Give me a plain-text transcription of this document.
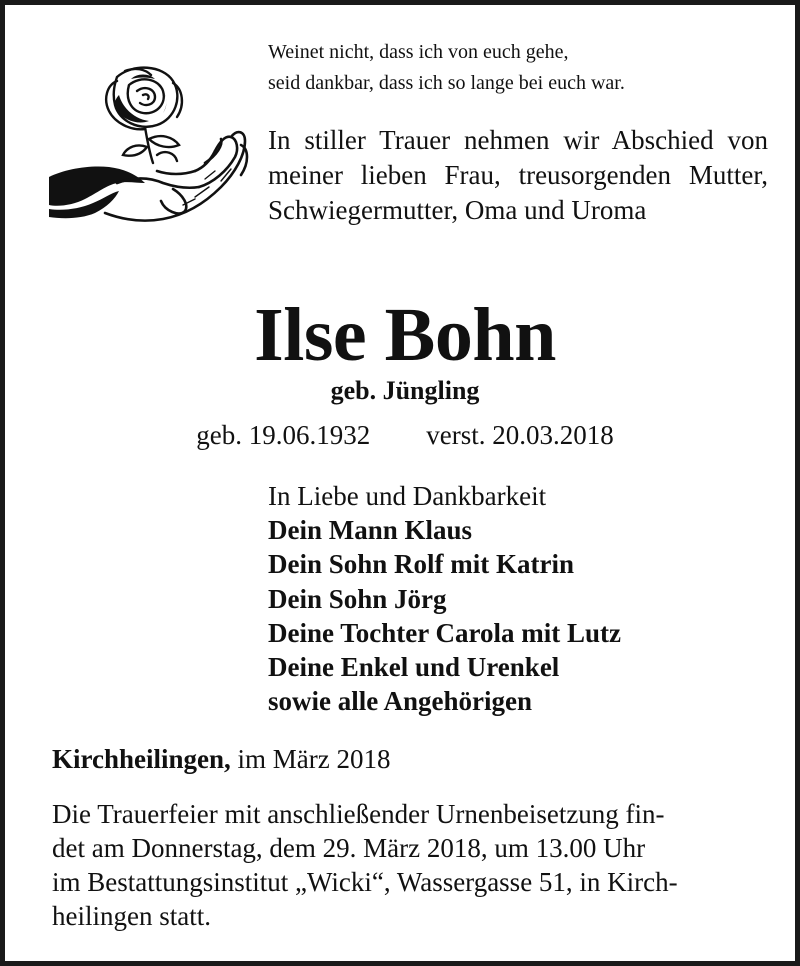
Weinet nicht, dass ich von euch gehe,
seid dankbar, dass ich so lange bei euch war.
In stiller Trauer nehmen wir Abschied von meiner lieben Frau, treusorgenden Mutter, Schwiegermutter, Oma und Uroma
Ilse Bohn
geb. Jüngling
geb. 19.06.1932 verst. 20.03.2018
In Liebe und Dankbarkeit
Dein Mann Klaus
Dein Sohn Rolf mit Katrin
Dein Sohn Jörg
Deine Tochter Carola mit Lutz
Deine Enkel und Urenkel
sowie alle Angehörigen
Kirchheilingen, im März 2018
Die Trauerfeier mit anschließender Urnenbeisetzung fin-
det am Donnerstag, dem 29. März 2018, um 13.00 Uhr
im Bestattungsinstitut „Wicki“, Wassergasse 51, in Kirch-
heilingen statt.
